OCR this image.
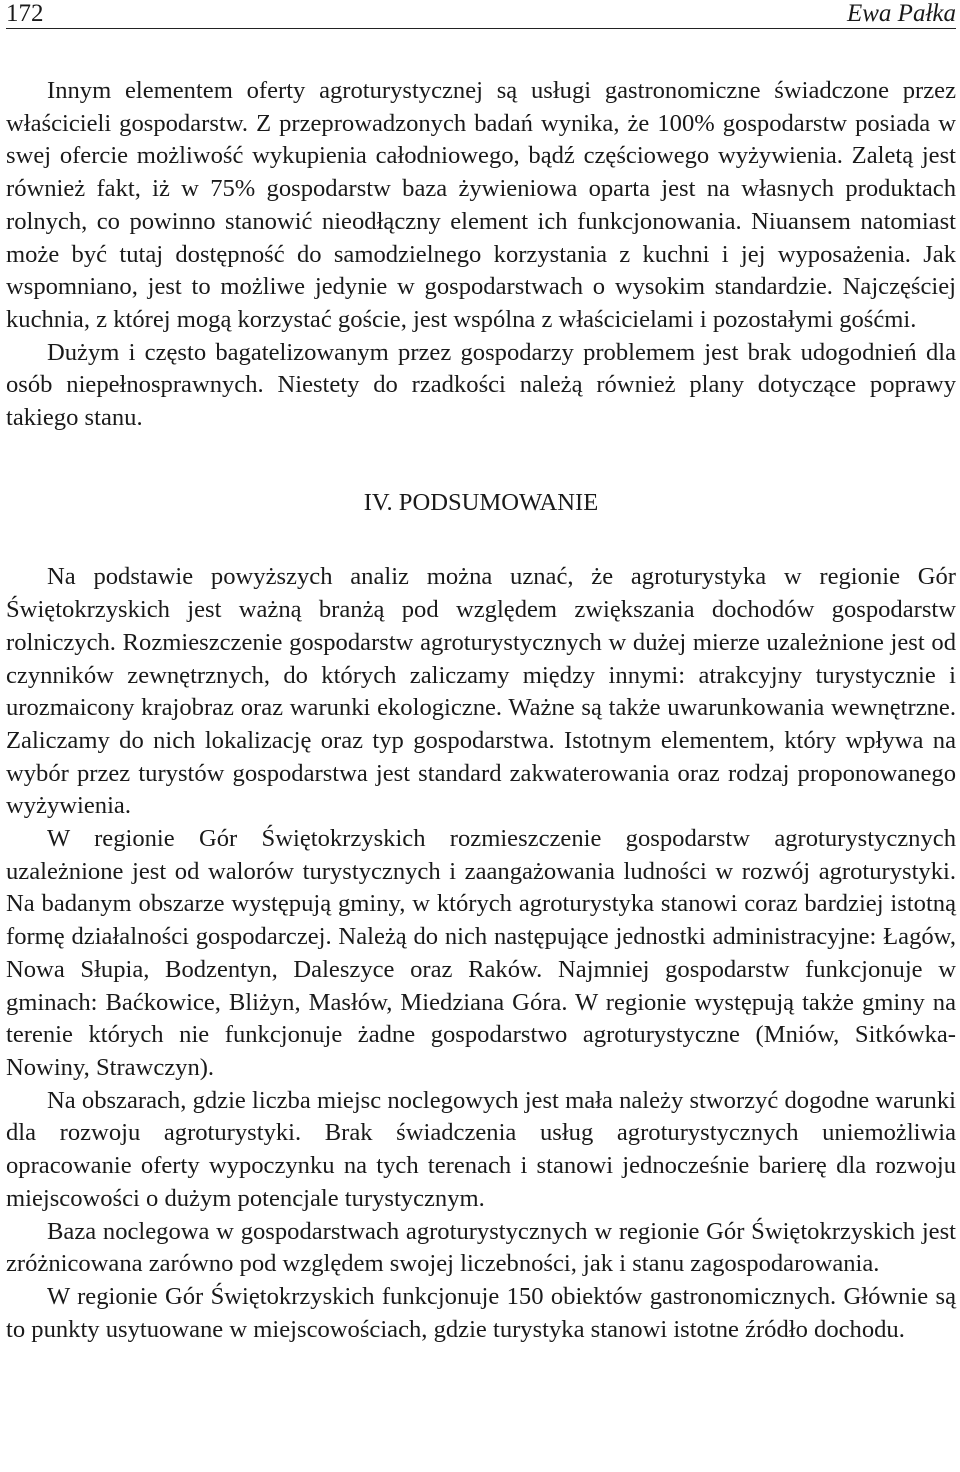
172	Ewa Pałka

Innym elementem oferty agroturystycznej są usługi gastronomiczne świadczone przez właścicieli gospodarstw. Z przeprowadzonych badań wynika, że 100% gospodarstw posiada w swej ofercie możliwość wykupienia całodniowego, bądź częściowego wyżywienia. Zaletą jest również fakt, iż w 75% gospodarstw baza żywieniowa oparta jest na własnych produktach rolnych, co powinno stanowić nieodłączny element ich funkcjonowania. Niuansem natomiast może być tutaj dostępność do samodzielnego korzystania z kuchni i jej wyposażenia. Jak wspomniano, jest to możliwe jedynie w gospodarstwach o wysokim standardzie. Najczęściej kuchnia, z której mogą korzystać goście, jest wspólna z właścicielami i pozostałymi gośćmi.

Dużym i często bagatelizowanym przez gospodarzy problemem jest brak udogodnień dla osób niepełnosprawnych. Niestety do rzadkości należą również plany dotyczące poprawy takiego stanu.

IV. PODSUMOWANIE

Na podstawie powyższych analiz można uznać, że agroturystyka w regionie Gór Świętokrzyskich jest ważną branżą pod względem zwiększania dochodów gospodarstw rolniczych. Rozmieszczenie gospodarstw agroturystycznych w dużej mierze uzależnione jest od czynników zewnętrznych, do których zaliczamy między innymi: atrakcyjny turystycznie i urozmaicony krajobraz oraz warunki ekologiczne. Ważne są także uwarunkowania wewnętrzne. Zaliczamy do nich lokalizację oraz typ gospodarstwa. Istotnym elementem, który wpływa na wybór przez turystów gospodarstwa jest standard zakwaterowania oraz rodzaj proponowanego wyżywienia.

W regionie Gór Świętokrzyskich rozmieszczenie gospodarstw agroturystycznych uzależnione jest od walorów turystycznych i zaangażowania ludności w rozwój agroturystyki. Na badanym obszarze występują gminy, w których agroturystyka stanowi coraz bardziej istotną formę działalności gospodarczej. Należą do nich następujące jednostki administracyjne: Łagów, Nowa Słupia, Bodzentyn, Daleszyce oraz Raków. Najmniej gospodarstw funkcjonuje w gminach: Baćkowice, Bliżyn, Masłów, Miedziana Góra. W regionie występują także gminy na terenie których nie funkcjonuje żadne gospodarstwo agroturystyczne (Mniów, Sitkówka-Nowiny, Strawczyn).

Na obszarach, gdzie liczba miejsc noclegowych jest mała należy stworzyć dogodne warunki dla rozwoju agroturystyki. Brak świadczenia usług agroturystycznych uniemożliwia opracowanie oferty wypoczynku na tych terenach i stanowi jednocześnie barierę dla rozwoju miejscowości o dużym potencjale turystycznym.

Baza noclegowa w gospodarstwach agroturystycznych w regionie Gór Świętokrzyskich jest zróżnicowana zarówno pod względem swojej liczebności, jak i stanu zagospodarowania.

W regionie Gór Świętokrzyskich funkcjonuje 150 obiektów gastronomicznych. Głównie są to punkty usytuowane w miejscowościach, gdzie turystyka stanowi istotne źródło dochodu.
